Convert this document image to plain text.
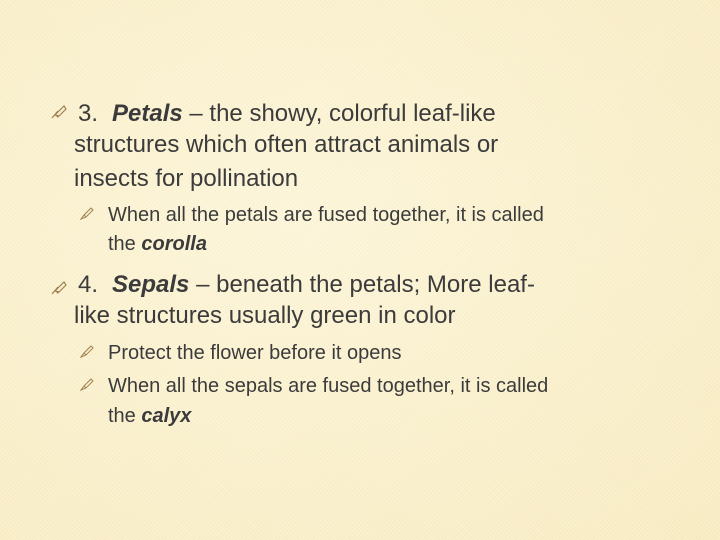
3. Petals – the showy, colorful leaf-like
structures which often attract animals or
insects for pollination
When all the petals are fused together, it is called
the corolla
4. Sepals – beneath the petals; More leaf-
like structures usually green in color
Protect the flower before it opens
When all the sepals are fused together, it is called
the calyx
